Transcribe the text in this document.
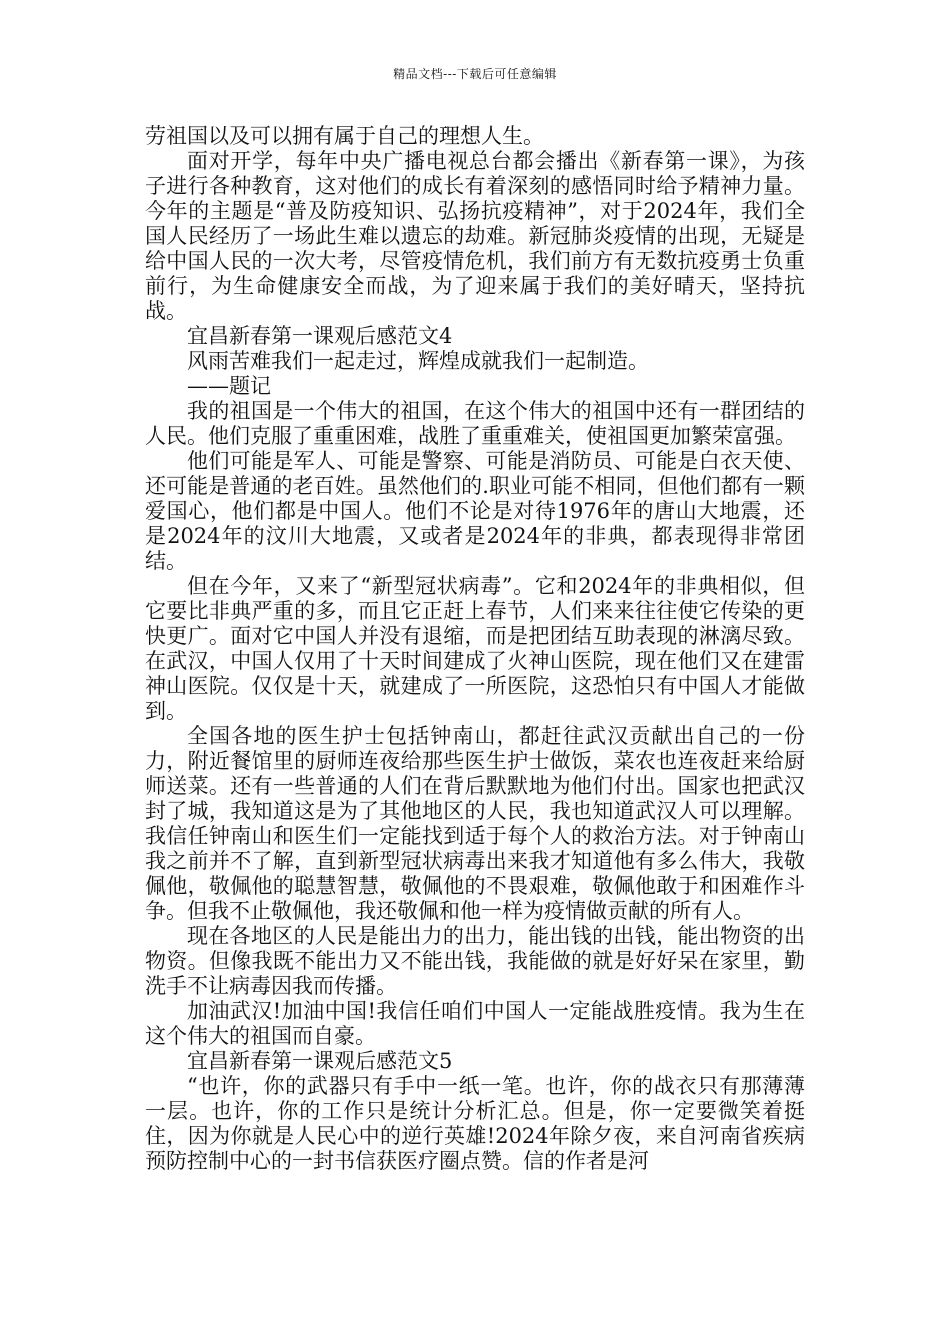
精品文档---下载后可任意编辑

劳祖国以及可以拥有属于自己的理想人生。

面对开学，每年中央广播电视总台都会播出《新春第一课》，为孩子进行各种教育，这对他们的成长有着深刻的感悟同时给予精神力量。今年的主题是“普及防疫知识、弘扬抗疫精神”，对于2024年，我们全国人民经历了一场此生难以遗忘的劫难。新冠肺炎疫情的出现，无疑是给中国人民的一次大考，尽管疫情危机，我们前方有无数抗疫勇士负重前行，为生命健康安全而战，为了迎来属于我们的美好晴天，坚持抗战。

宜昌新春第一课观后感范文4

风雨苦难我们一起走过，辉煌成就我们一起制造。

——题记

我的祖国是一个伟大的祖国，在这个伟大的祖国中还有一群团结的人民。他们克服了重重困难，战胜了重重难关，使祖国更加繁荣富强。

他们可能是军人、可能是警察、可能是消防员、可能是白衣天使、还可能是普通的老百姓。虽然他们的.职业可能不相同，但他们都有一颗爱国心，他们都是中国人。他们不论是对待1976年的唐山大地震，还是2024年的汶川大地震，又或者是2024年的非典，都表现得非常团结。

但在今年，又来了“新型冠状病毒”。它和2024年的非典相似，但它要比非典严重的多，而且它正赶上春节，人们来来往往使它传染的更快更广。面对它中国人并没有退缩，而是把团结互助表现的淋漓尽致。在武汉，中国人仅用了十天时间建成了火神山医院，现在他们又在建雷神山医院。仅仅是十天，就建成了一所医院，这恐怕只有中国人才能做到。

全国各地的医生护士包括钟南山，都赶往武汉贡献出自己的一份力，附近餐馆里的厨师连夜给那些医生护士做饭，菜农也连夜赶来给厨师送菜。还有一些普通的人们在背后默默地为他们付出。国家也把武汉封了城，我知道这是为了其他地区的人民，我也知道武汉人可以理解。我信任钟南山和医生们一定能找到适于每个人的救治方法。对于钟南山我之前并不了解，直到新型冠状病毒出来我才知道他有多么伟大，我敬佩他，敬佩他的聪慧智慧，敬佩他的不畏艰难，敬佩他敢于和困难作斗争。但我不止敬佩他，我还敬佩和他一样为疫情做贡献的所有人。

现在各地区的人民是能出力的出力，能出钱的出钱，能出物资的出物资。但像我既不能出力又不能出钱，我能做的就是好好呆在家里，勤洗手不让病毒因我而传播。

加油武汉!加油中国!我信任咱们中国人一定能战胜疫情。我为生在这个伟大的祖国而自豪。

宜昌新春第一课观后感范文5

“也许，你的武器只有手中一纸一笔。也许，你的战衣只有那薄薄一层。也许，你的工作只是统计分析汇总。但是，你一定要微笑着挺住，因为你就是人民心中的逆行英雄!2024年除夕夜，来自河南省疾病预防控制中心的一封书信获医疗圈点赞。信的作者是河
